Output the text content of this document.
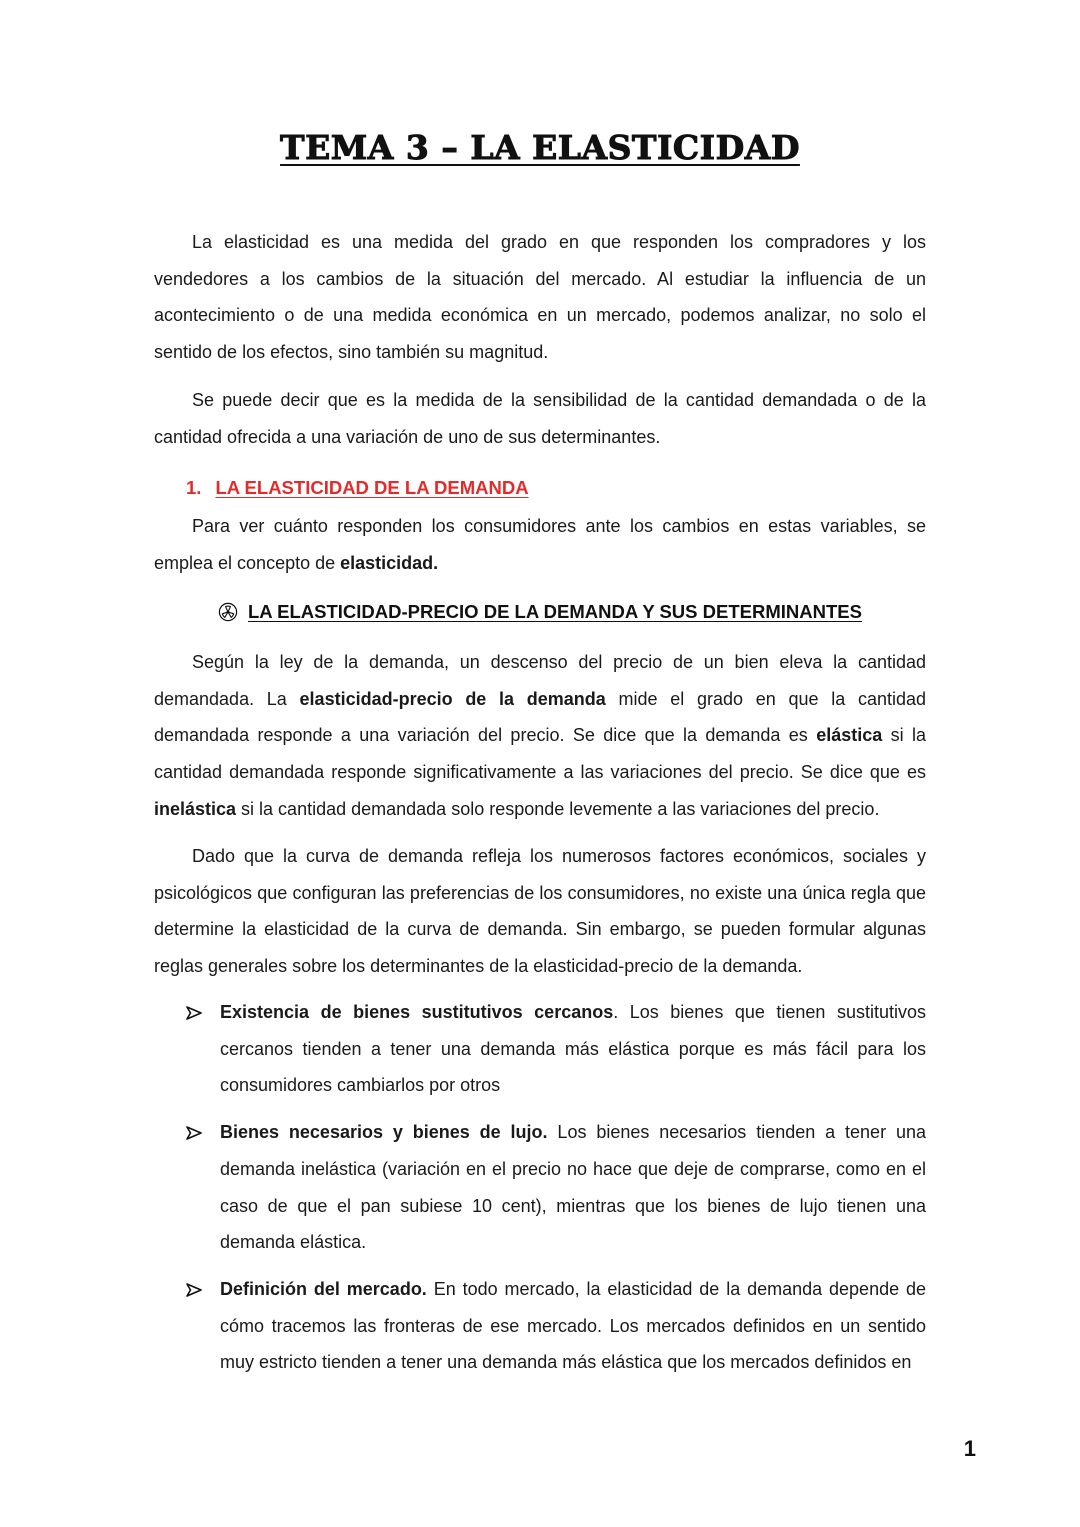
TEMA 3 – LA ELASTICIDAD

La elasticidad es una medida del grado en que responden los compradores y los vendedores a los cambios de la situación del mercado. Al estudiar la influencia de un acontecimiento o de una medida económica en un mercado, podemos analizar, no solo el sentido de los efectos, sino también su magnitud.

Se puede decir que es la medida de la sensibilidad de la cantidad demandada o de la cantidad ofrecida a una variación de uno de sus determinantes.

1. LA ELASTICIDAD DE LA DEMANDA

Para ver cuánto responden los consumidores ante los cambios en estas variables, se emplea el concepto de elasticidad.

LA ELASTICIDAD-PRECIO DE LA DEMANDA Y SUS DETERMINANTES

Según la ley de la demanda, un descenso del precio de un bien eleva la cantidad demandada. La elasticidad-precio de la demanda mide el grado en que la cantidad demandada responde a una variación del precio. Se dice que la demanda es elástica si la cantidad demandada responde significativamente a las variaciones del precio. Se dice que es inelástica si la cantidad demandada solo responde levemente a las variaciones del precio.

Dado que la curva de demanda refleja los numerosos factores económicos, sociales y psicológicos que configuran las preferencias de los consumidores, no existe una única regla que determine la elasticidad de la curva de demanda. Sin embargo, se pueden formular algunas reglas generales sobre los determinantes de la elasticidad-precio de la demanda.

Existencia de bienes sustitutivos cercanos. Los bienes que tienen sustitutivos cercanos tienden a tener una demanda más elástica porque es más fácil para los consumidores cambiarlos por otros

Bienes necesarios y bienes de lujo. Los bienes necesarios tienden a tener una demanda inelástica (variación en el precio no hace que deje de comprarse, como en el caso de que el pan subiese 10 cent), mientras que los bienes de lujo tienen una demanda elástica.

Definición del mercado. En todo mercado, la elasticidad de la demanda depende de cómo tracemos las fronteras de ese mercado. Los mercados definidos en un sentido muy estricto tienden a tener una demanda más elástica que los mercados definidos en

1
